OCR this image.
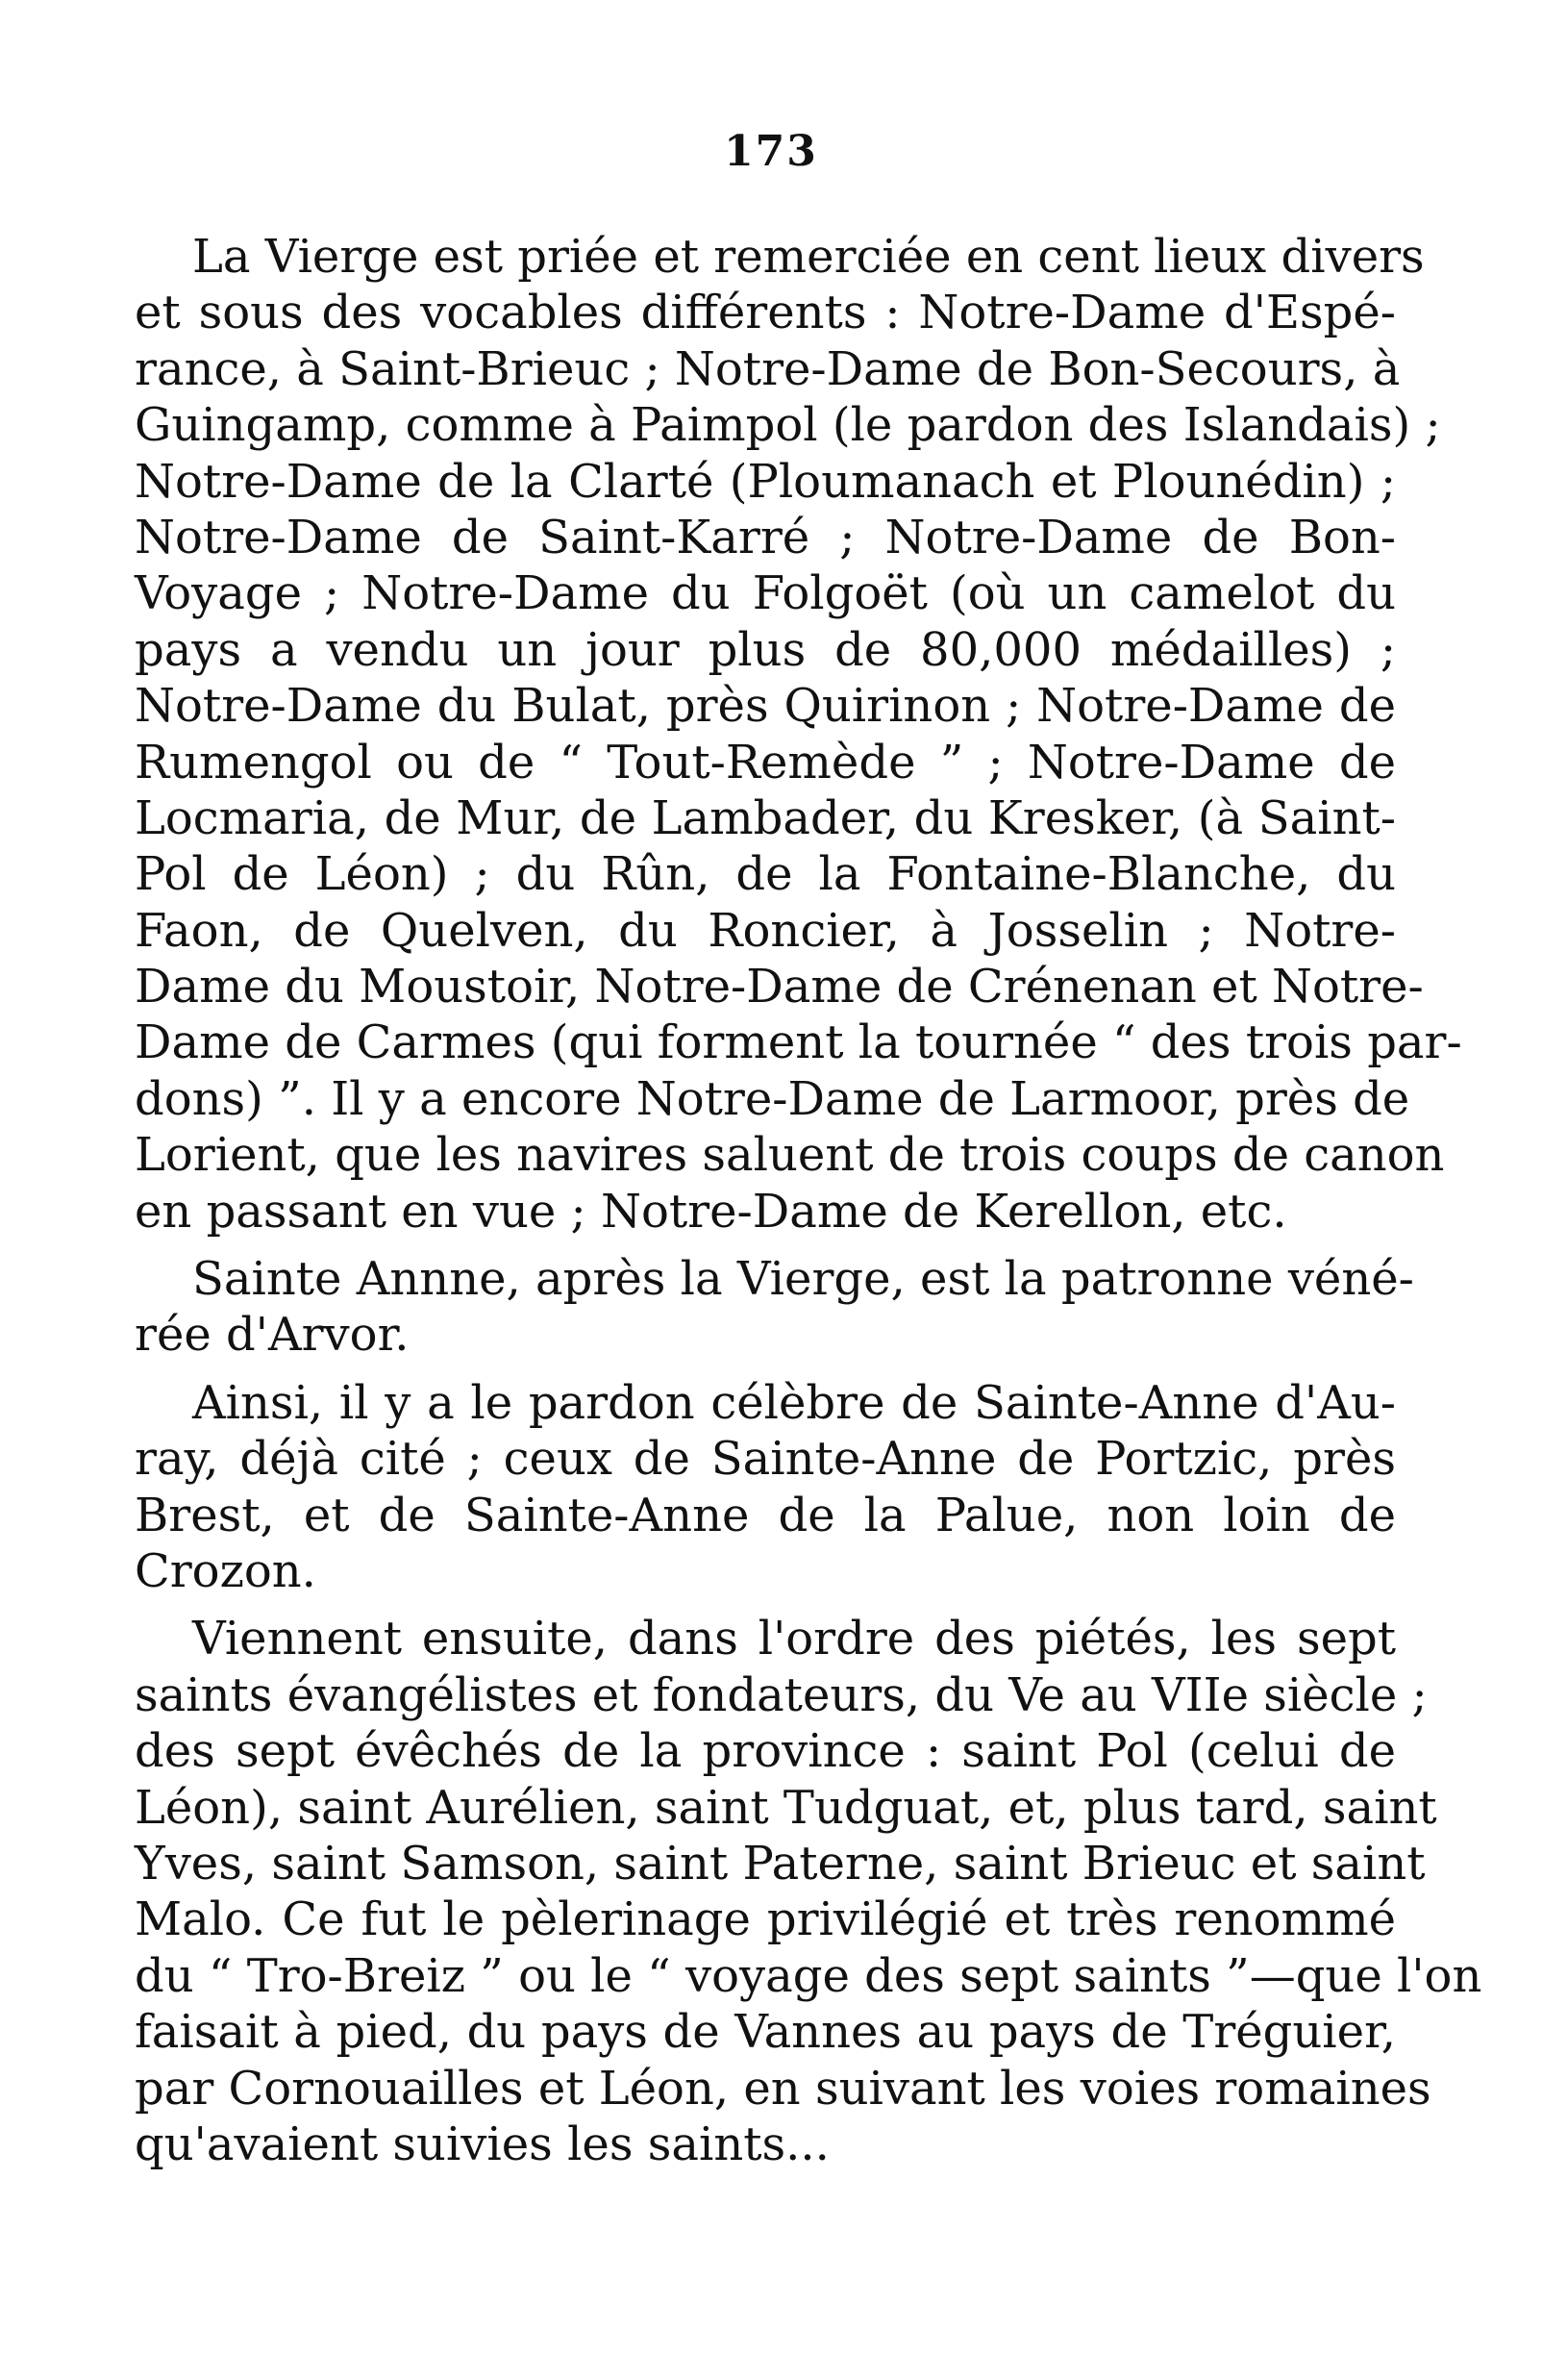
173
La Vierge est priée et remerciée en cent lieux divers
et sous des vocables différents : Notre-Dame d'Espé-
rance, à Saint-Brieuc ; Notre-Dame de Bon-Secours, à
Guingamp, comme à Paimpol (le pardon des Islandais) ;
Notre-Dame de la Clarté (Ploumanach et Plounédin) ;
Notre-Dame de Saint-Karré ; Notre-Dame de Bon-
Voyage ; Notre-Dame du Folgoët (où un camelot du
pays a vendu un jour plus de 80,000 médailles) ;
Notre-Dame du Bulat, près Quirinon ; Notre-Dame de
Rumengol ou de “ Tout-Remède ” ; Notre-Dame de
Locmaria, de Mur, de Lambader, du Kresker, (à Saint-
Pol de Léon) ; du Rûn, de la Fontaine-Blanche, du
Faon, de Quelven, du Roncier, à Josselin ; Notre-
Dame du Moustoir, Notre-Dame de Crénenan et Notre-
Dame de Carmes (qui forment la tournée “ des trois par-
dons) ”. Il y a encore Notre-Dame de Larmoor, près de
Lorient, que les navires saluent de trois coups de canon
en passant en vue ; Notre-Dame de Kerellon, etc.
Sainte Annne, après la Vierge, est la patronne véné-
rée d'Arvor.
Ainsi, il y a le pardon célèbre de Sainte-Anne d'Au-
ray, déjà cité ; ceux de Sainte-Anne de Portzic, près
Brest, et de Sainte-Anne de la Palue, non loin de
Crozon.
Viennent ensuite, dans l'ordre des piétés, les sept
saints évangélistes et fondateurs, du Ve au VIIe siècle ;
des sept évêchés de la province : saint Pol (celui de
Léon), saint Aurélien, saint Tudguat, et, plus tard, saint
Yves, saint Samson, saint Paterne, saint Brieuc et saint
Malo. Ce fut le pèlerinage privilégié et très renommé
du “ Tro-Breiz ” ou le “ voyage des sept saints ”—que l'on
faisait à pied, du pays de Vannes au pays de Tréguier,
par Cornouailles et Léon, en suivant les voies romaines
qu'avaient suivies les saints...
